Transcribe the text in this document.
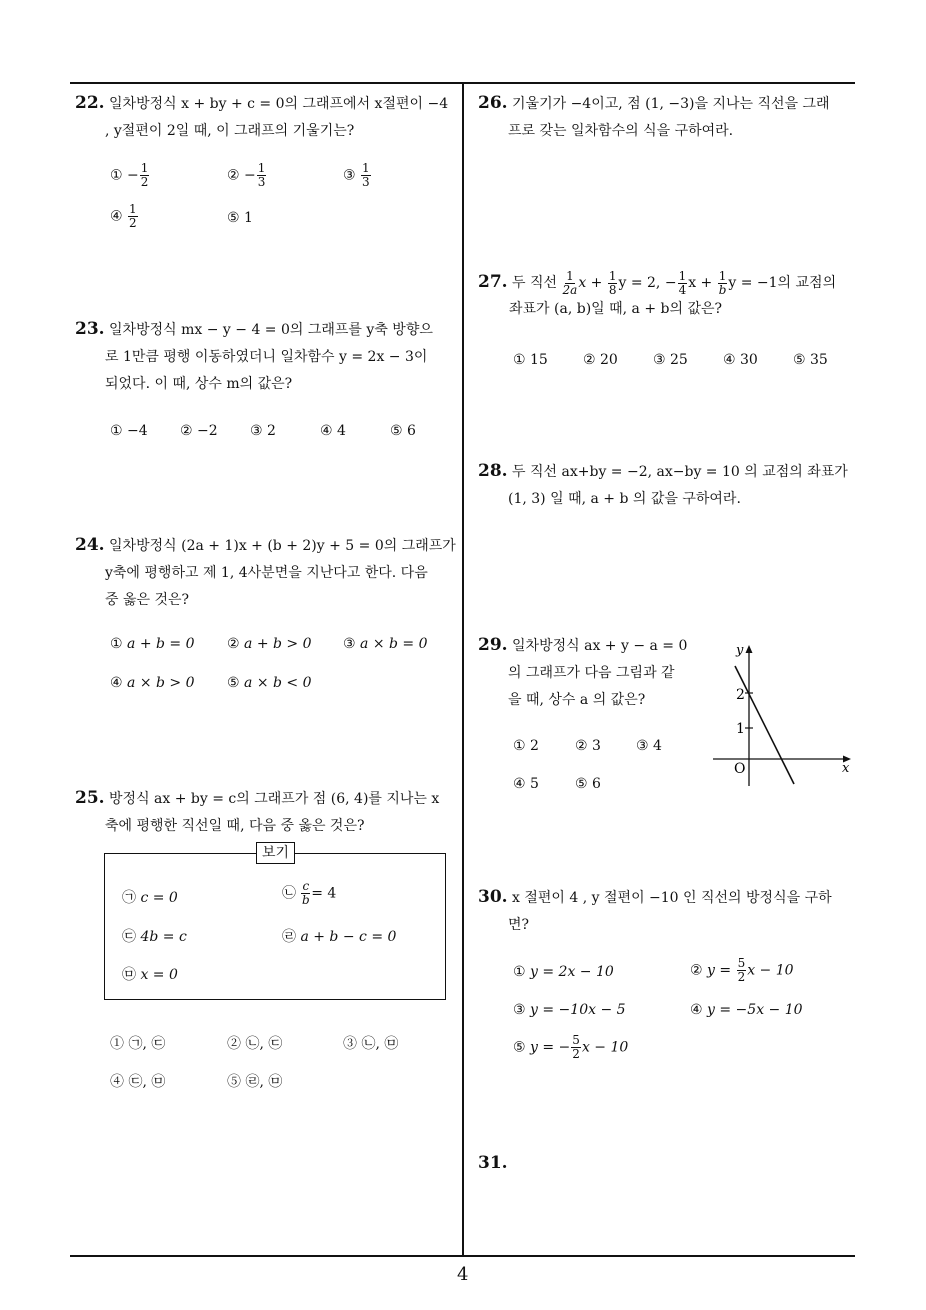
4
22. 일차방정식 x + by + c = 0의 그래프에서 x절편이 −4
, y절편이 2일 때, 이 그래프의 기울기는?
① − $\frac{1}{2}$	② − $\frac{1}{3}$	③ $\frac{1}{3}$
④ $\frac{1}{2}$	⑤ 1
23. 일차방정식 mx − y − 4 = 0의 그래프를 y축 방향으
로 1만큼 평행 이동하였더니 일차함수 y = 2x − 3이
되었다. 이 때, 상수 m의 값은?
① −4 ② −2 ③ 2	④ 4	⑤ 6
24. 일차방정식 (2a + 1)x + (b + 2)y + 5 = 0의 그래프가
y축에 평행하고 제 1, 4사분면을 지난다고 한다. 다음
중 옳은 것은?
① a + b = 0 ② a + b > 0 ③ a × b = 0
④ a × b > 0 ⑤ a × b < 0
25. 방정식 ax + by = c의 그래프가 점 (6, 4)를 지나는 x
축에 평행한 직선일 때, 다음 중 옳은 것은?
보기
㉠ c = 0	㉡ $\frac{c}{b} = 4$
㉢ 4b = c	㉣ a + b − c = 0
㉤ x = 0
① ㉠, ㉢	② ㉡, ㉢	③ ㉡, ㉤
④ ㉢, ㉤	⑤ ㉣, ㉤
26. 기울기가 −4이고, 점 (1, −3)을 지나는 직선을 그래
프로 갖는 일차함수의 식을 구하여라.
27. 두 직선 $\frac{1}{2a}$ $x + \frac{1}{8}$ y = 2, − $\frac{1}{4}$ $x + \frac{1}{b}$ y = −1의 교점의
좌표가 (a, b)일 때, a + b의 값은?
① 15	② 20	③ 25	④ 30	⑤ 35
28. 두 직선 ax+by = −2, ax−by = 10 의 교점의 좌표가
(1, 3) 일 때, a + b 의 값을 구하여라.
29. 일차방정식 ax + y − a = 0
의 그래프가 다음 그림과 같
을 때, 상수 a 의 값은?
① 2	② 3	③ 4
④ 5	⑤ 6
y
x
O
2
1
30. x 절편이 4 , y 절편이 −10 인 직선의 방정식을 구하
면?
① y = 2x − 10	② $y = \frac{5}{2}$ x − 10
③ y = −10x − 5	④ y = −5x − 10
⑤ y = − $\frac{5}{2}$ x − 10
31.
